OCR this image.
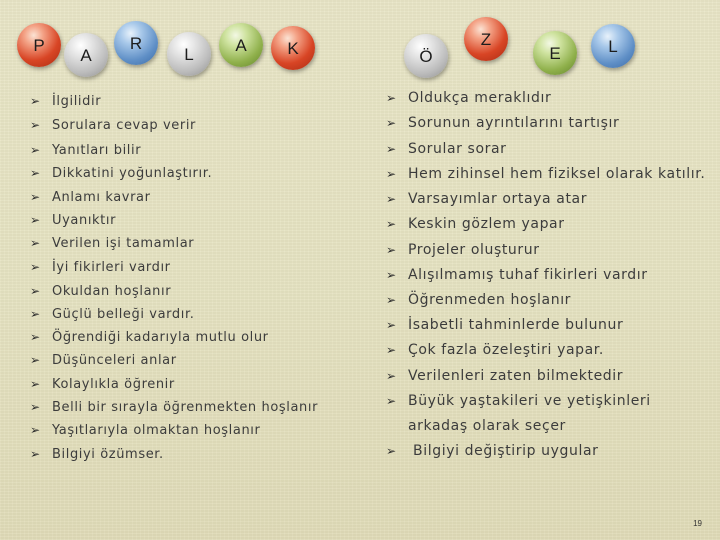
P
A
R
L A K	Ö
Z
E	L
➢ İlgilidir
➢ Sorulara cevap verir
➢ Yanıtları bilir
➢ Dikkatini yoğunlaştırır.
➢ Anlamı kavrar
➢ Uyanıktır
➢ Verilen işi tamamlar
➢ İyi fikirleri vardır
➢ Okuldan hoşlanır
➢ Güçlü belleği vardır.
➢ Öğrendiği kadarıyla mutlu olur
➢ Düşünceleri anlar
➢ Kolaylıkla öğrenir
➢ Belli bir sırayla öğrenmekten hoşlanır
➢ Yaşıtlarıyla olmaktan hoşlanır
➢ Bilgiyi özümser.
➢ Oldukça meraklıdır
➢ Sorunun ayrıntılarını tartışır
➢ Sorular sorar
➢ Hem zihinsel hem fiziksel olarak katılır.
➢ Varsayımlar ortaya atar
➢ Keskin gözlem yapar
➢ Projeler oluşturur
➢ Alışılmamış tuhaf fikirleri vardır
➢ Öğrenmeden hoşlanır
➢ İsabetli tahminlerde bulunur
➢ Çok fazla özeleştiri yapar.
➢ Verilenleri zaten bilmektedir
➢ Büyük yaştakileri ve yetişkinleri
arkadaş olarak seçer
➢ Bilgiyi değiştirip uygular
19
